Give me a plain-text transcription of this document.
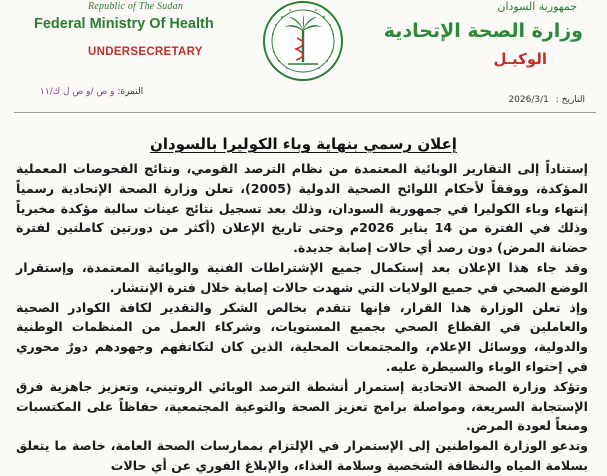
Republic of The Sudan
Federal Ministry Of Health
UNDERSECRETARY
جمهورية السودان
وزارة الصحة الإتحادية
الوكيـل
النمرة: و ص /و ص ل ك/١١
التاريخ : 2026/3/1
إعلان رسمي بنهاية وباء الكوليرا بالسودان

إستناداً إلى التقارير الوبائية المعتمدة من نظام الترصد القومي، ونتائج الفحوصات المعملية المؤكدة، ووفقاً لأحكام اللوائح الصحية الدولية (2005)، تعلن وزارة الصحة الإتحادية رسمياً إنتهاء وباء الكوليرا في جمهورية السودان، وذلك بعد تسجيل نتائج عينات سالبة مؤكدة مخبرياً وذلك في الفترة من 14 يناير 2026م وحتى تاريخ الإعلان (أكثر من دورتين كاملتين لفترة حضانة المرض) دون رصد أي حالات إصابة جديدة.

وقد جاء هذا الإعلان بعد إستكمال جميع الإشتراطات الفنية والوبائية المعتمدة، وإستقرار الوضع الصحي في جميع الولايات التي شهدت حالات إصابة خلال فترة الإنتشار.

وإذ تعلن الوزارة هذا القرار، فإنها تتقدم بخالص الشكر والتقدير لكافة الكوادر الصحية والعاملين في القطاع الصحي بجميع المستويات، وشركاء العمل من المنظمات الوطنية والدولية، ووسائل الإعلام، والمجتمعات المحلية، الذين كان لتكاتفهم وجهودهم دورٌ محوري في إحتواء الوباء والسيطرة عليه.

وتؤكد وزارة الصحة الاتحادية إستمرار أنشطة الترصد الوبائي الروتيني، وتعزيز جاهزية فرق الإستجابة السريعة، ومواصلة برامج تعزيز الصحة والتوعية المجتمعية، حفاظاً على المكتسبات ومنعاً لعودة المرض.

وتدعو الوزارة المواطنين إلى الإستمرار في الإلتزام بممارسات الصحة العامة، خاصة ما يتعلق بسلامة المياه والنظافة الشخصية وسلامة الغذاء، والإبلاغ الفوري عن أي حالات
